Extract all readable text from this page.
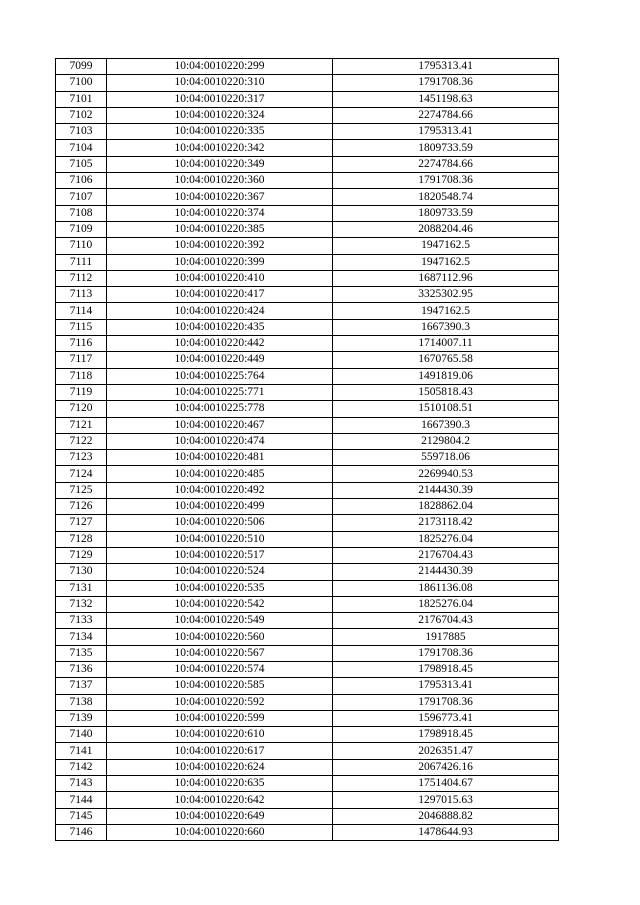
7099	10:04:0010220:299	1795313.41
7100	10:04:0010220:310	1791708.36
7101	10:04:0010220:317	1451198.63
7102	10:04:0010220:324	2274784.66
7103	10:04:0010220:335	1795313.41
7104	10:04:0010220:342	1809733.59
7105	10:04:0010220:349	2274784.66
7106	10:04:0010220:360	1791708.36
7107	10:04:0010220:367	1820548.74
7108	10:04:0010220:374	1809733.59
7109	10:04:0010220:385	2088204.46
7110	10:04:0010220:392	1947162.5
7111	10:04:0010220:399	1947162.5
7112	10:04:0010220:410	1687112.96
7113	10:04:0010220:417	3325302.95
7114	10:04:0010220:424	1947162.5
7115	10:04:0010220:435	1667390.3
7116	10:04:0010220:442	1714007.11
7117	10:04:0010220:449	1670765.58
7118	10:04:0010225:764	1491819.06
7119	10:04:0010225:771	1505818.43
7120	10:04:0010225:778	1510108.51
7121	10:04:0010220:467	1667390.3
7122	10:04:0010220:474	2129804.2
7123	10:04:0010220:481	559718.06
7124	10:04:0010220:485	2269940.53
7125	10:04:0010220:492	2144430.39
7126	10:04:0010220:499	1828862.04
7127	10:04:0010220:506	2173118.42
7128	10:04:0010220:510	1825276.04
7129	10:04:0010220:517	2176704.43
7130	10:04:0010220:524	2144430.39
7131	10:04:0010220:535	1861136.08
7132	10:04:0010220:542	1825276.04
7133	10:04:0010220:549	2176704.43
7134	10:04:0010220:560	1917885
7135	10:04:0010220:567	1791708.36
7136	10:04:0010220:574	1798918.45
7137	10:04:0010220:585	1795313.41
7138	10:04:0010220:592	1791708.36
7139	10:04:0010220:599	1596773.41
7140	10:04:0010220:610	1798918.45
7141	10:04:0010220:617	2026351.47
7142	10:04:0010220:624	2067426.16
7143	10:04:0010220:635	1751404.67
7144	10:04:0010220:642	1297015.63
7145	10:04:0010220:649	2046888.82
7146	10:04:0010220:660	1478644.93
